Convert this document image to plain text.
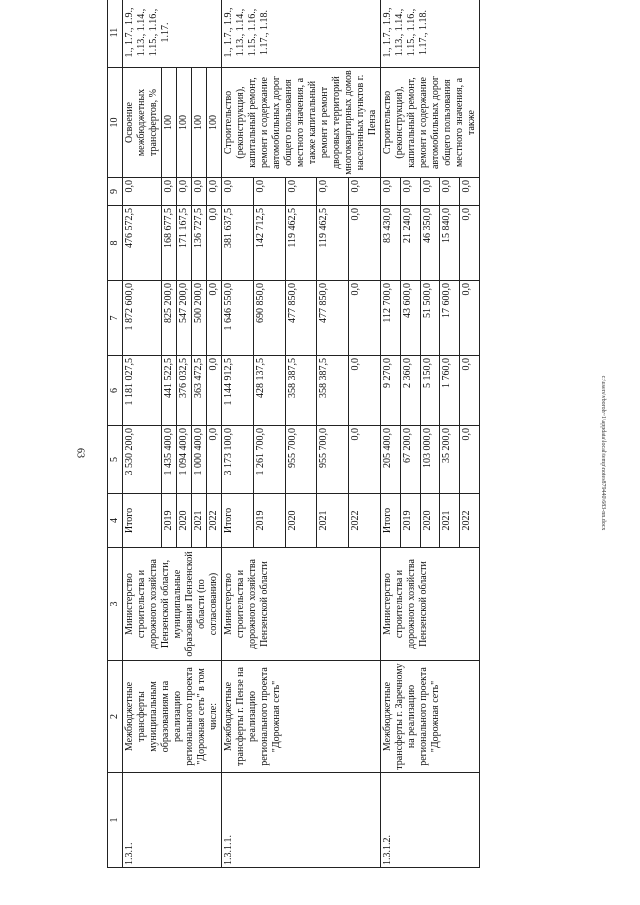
63	c:\users\vboroh~1\appdata\local\temp\notes879440\683-nn.docx
1	2	3	4	5	6	7	8	9	10	11
1.3.1.	Межбюджетные трансферты муниципальным образованиям на реализацию регионального проекта "Дорожная сеть" в том числе:	Министерство строительства и дорожного хозяйства Пензенской области, муниципальные образования Пензенской области (по согласованию)	Итого	3 530 200,0	1 181 027,5	1 872 600,0	476 572,5	0,0	Освоение межбюджетных трансфертов, %	1., 1.7., 1.9., 1.13., 1.14., 1.15., 1.16., 1.17.
			2019	1 435 400,0	441 522,5	825 200,0	168 677,5	0,0	100	
			2020	1 094 400,0	376 032,5	547 200,0	171 167,5	0,0	100	
			2021	1 000 400,0	363 472,5	500 200,0	136 727,5	0,0	100	
			2022	0,0	0,0	0,0	0,0	0,0	100	
1.3.1.1.	Межбюджетные трансферты г. Пензе на реализацию регионального проекта "Дорожная сеть"	Министерство строительства и дорожного хозяйства Пензенской области	Итого	3 173 100,0	1 144 912,5	1 646 550,0	381 637,5	0,0	Строительство (реконструкция), капитальный ремонт, ремонт и содержание автомобильных дорог общего пользования местного значения, а также капитальный ремонт и ремонт дворовых территорий многоквартирных домов населенных пунктов г. Пенза	1., 1.7., 1.9., 1.13., 1.14., 1.15., 1.16., 1.17., 1.18.
			2019	1 261 700,0	428 137,5	690 850,0	142 712,5	0,0		
			2020	955 700,0	358 387,5	477 850,0	119 462,5	0,0		
			2021	955 700,0	358 387,5	477 850,0	119 462,5	0,0		
			2022	0,0	0,0	0,0	0,0	0,0		
1.3.1.2.	Межбюджетные трансферты г. Заречному на реализацию регионального проекта "Дорожная сеть"	Министерство строительства и дорожного хозяйства Пензенской области	Итого	205 400,0	9 270,0	112 700,0	83 430,0	0,0	Строительство (реконструкция), капитальный ремонт, ремонт и содержание автомобильных дорог общего пользования местного значения, а также	1., 1.7., 1.9., 1.13., 1.14., 1.15., 1.16., 1.17., 1.18.
			2019	67 200,0	2 360,0	43 600,0	21 240,0	0,0		
			2020	103 000,0	5 150,0	51 500,0	46 350,0	0,0		
			2021	35 200,0	1 760,0	17 600,0	15 840,0	0,0		
			2022	0,0	0,0	0,0	0,0	0,0		
